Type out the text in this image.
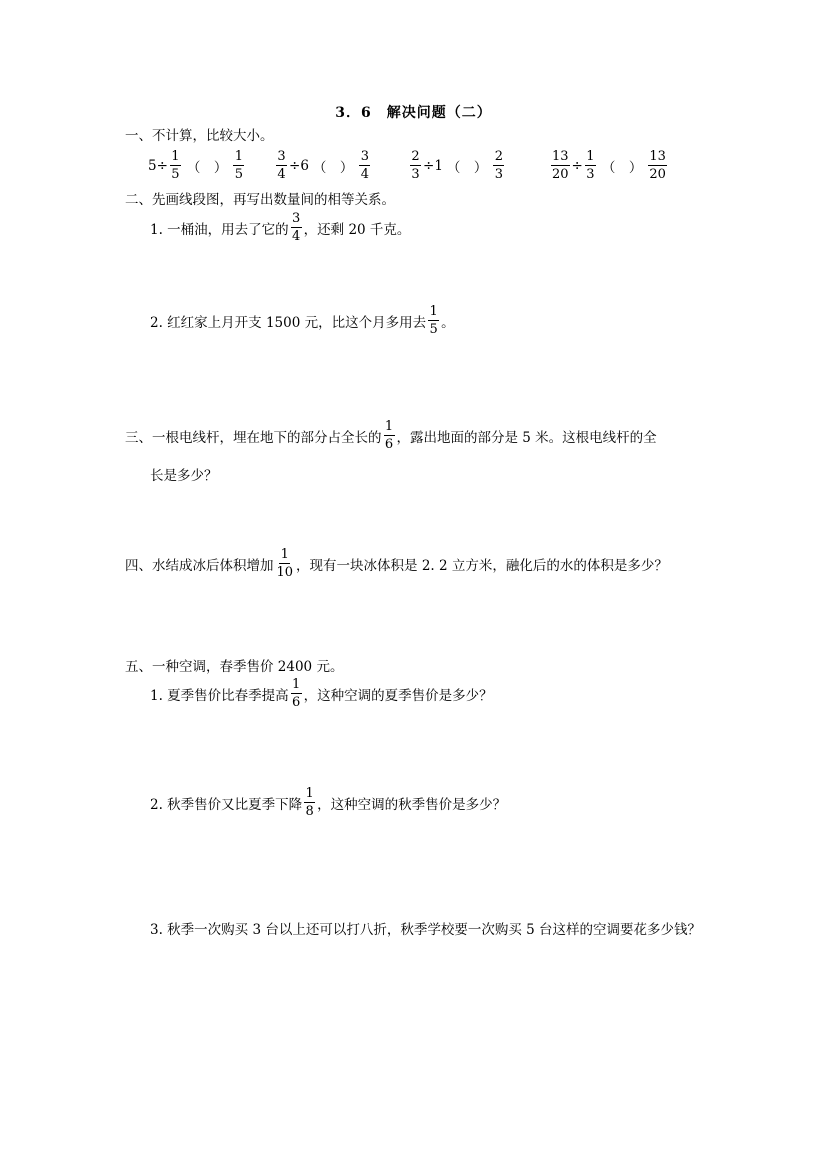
3．6　解决问题（二）
一、不计算，比较大小。
$5 \div \frac{1}{5}$ （　） $\frac{1}{5} \frac{3}{4} \div 6$ （　） $\frac{3}{4}$	$\frac{2}{3} \div 1$ （　） $\frac{2}{3}$	$\frac{13}{20} \div \frac{1}{3}$ （　） $\frac{13}{20}$
二、先画线段图，再写出数量间的相等关系。
1. 一桶油，用去了它的 $\frac{3}{4}$ ，还剩 20 千克。
2. 红红家上月开支 1500 元，比这个月多用去 $\frac{1}{5}$ 。
三、一根电线杆，埋在地下的部分占全长的 $\frac{1}{6}$ ，露出地面的部分是 5 米。这根电线杆的全
长是多少？
四、水结成冰后体积增加 $\frac{1}{10}$ ，现有一块冰体积是 2. 2 立方米，融化后的水的体积是多少？
五、一种空调，春季售价 2400 元。
1. 夏季售价比春季提高 $\frac{1}{6}$ ，这种空调的夏季售价是多少？
2. 秋季售价又比夏季下降 $\frac{1}{8}$ ，这种空调的秋季售价是多少？
3. 秋季一次购买 3 台以上还可以打八折，秋季学校要一次购买 5 台这样的空调要花多少钱？
